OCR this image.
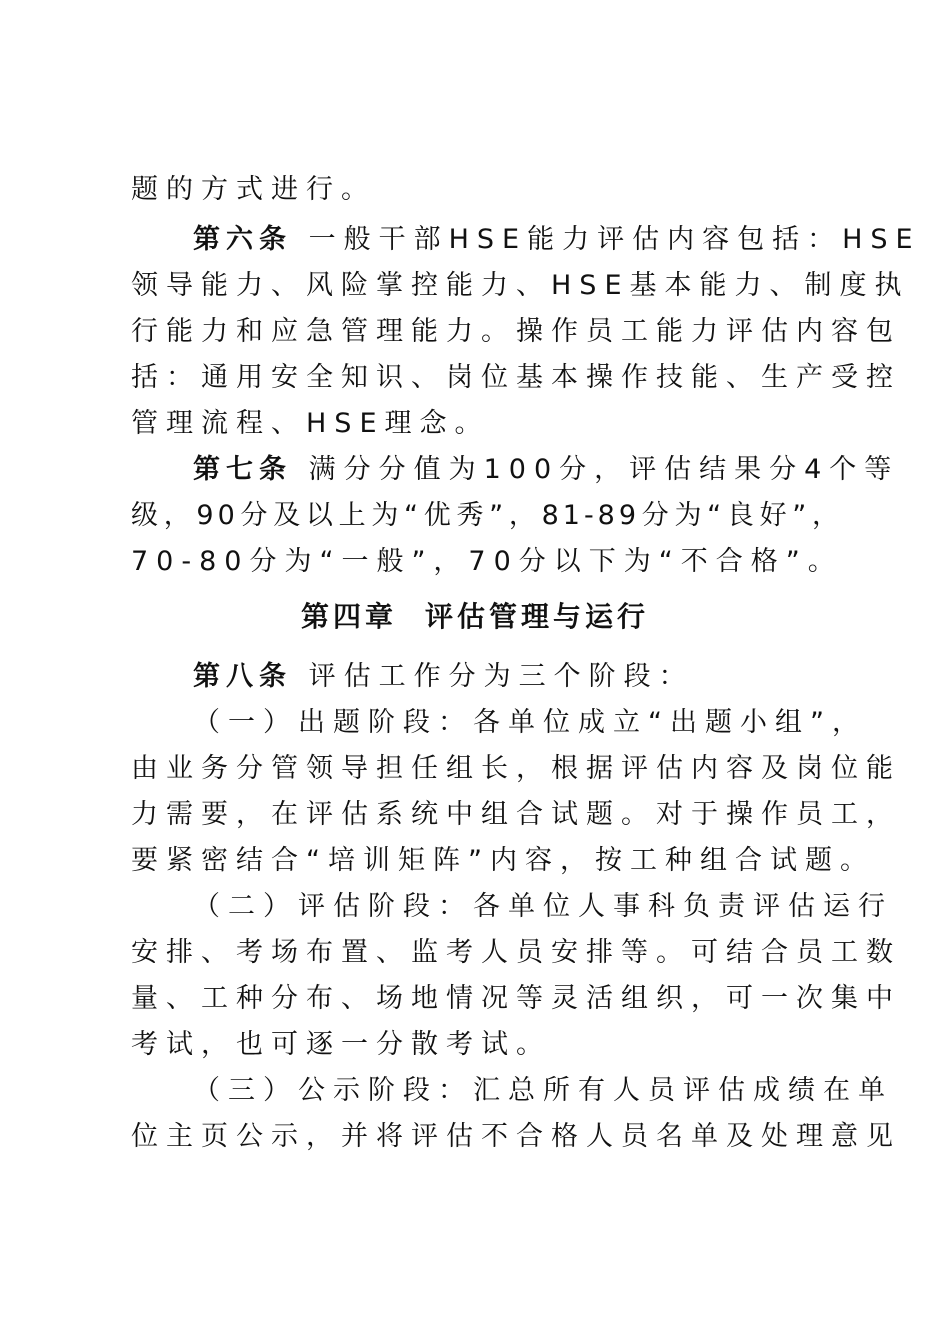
题的方式进行。
第六条 一般干部HSE能力评估内容包括：HSE
领导能力、风险掌控能力、HSE基本能力、制度执
行能力和应急管理能力。操作员工能力评估内容包
括：通用安全知识、岗位基本操作技能、生产受控
管理流程、HSE理念。
第七条 满分分值为100分，评估结果分4个等
级，90分及以上为“优秀”，81-89分为“良好”，
70-80分为“一般”，70分以下为“不合格”。
第四章 评估管理与运行
第八条 评估工作分为三个阶段：
（一）出题阶段：各单位成立“出题小组”，
由业务分管领导担任组长，根据评估内容及岗位能
力需要，在评估系统中组合试题。对于操作员工，
要紧密结合“培训矩阵”内容，按工种组合试题。
（二）评估阶段：各单位人事科负责评估运行
安排、考场布置、监考人员安排等。可结合员工数
量、工种分布、场地情况等灵活组织，可一次集中
考试，也可逐一分散考试。
（三）公示阶段：汇总所有人员评估成绩在单
位主页公示，并将评估不合格人员名单及处理意见
